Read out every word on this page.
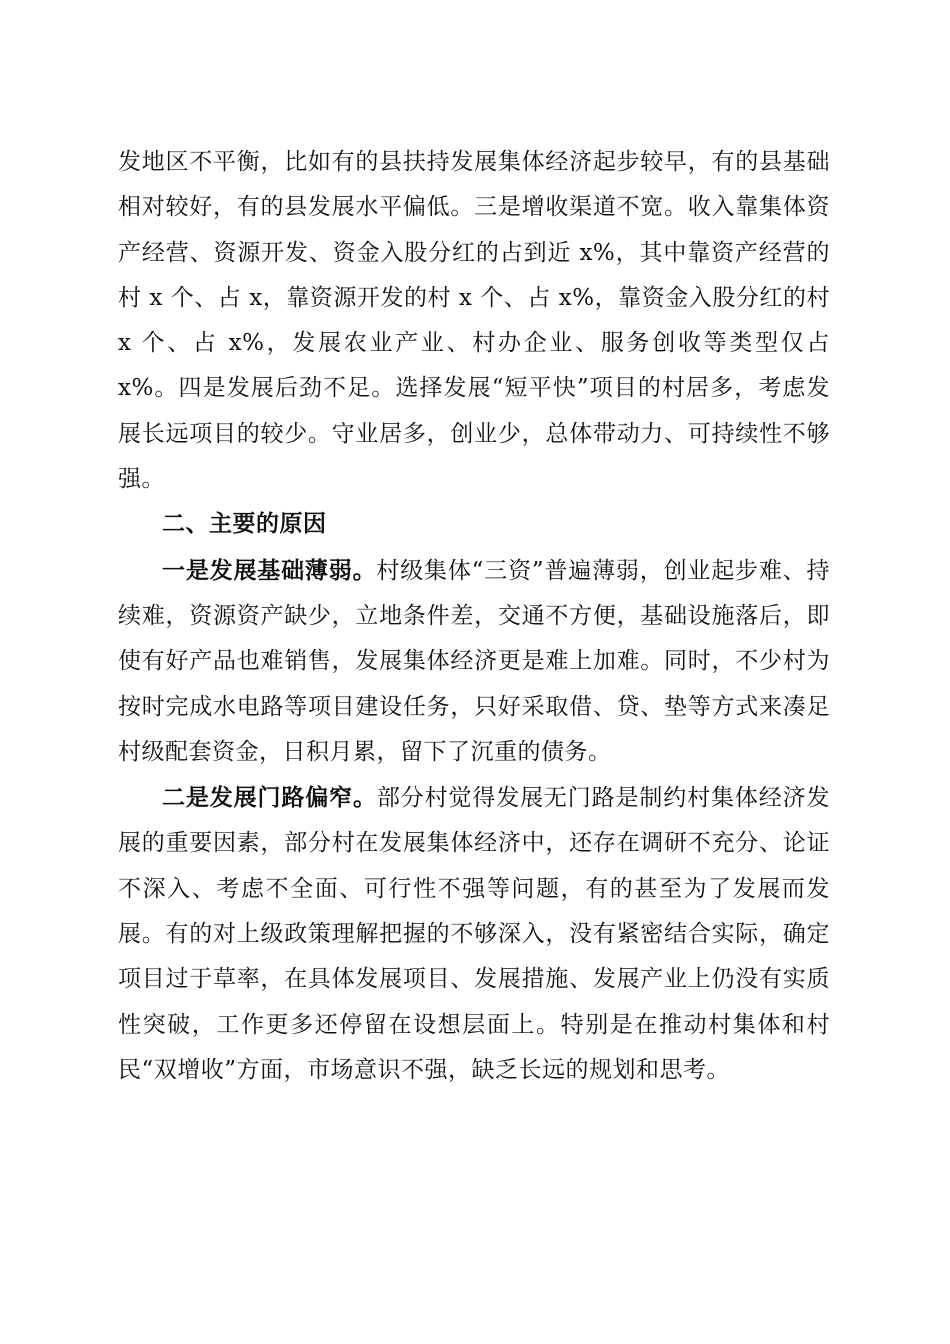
发地区不平衡，比如有的县扶持发展集体经济起步较早，有的县基础相对较好，有的县发展水平偏低。三是增收渠道不宽。收入靠集体资产经营、资源开发、资金入股分红的占到近 x%，其中靠资产经营的村 x 个、占 x，靠资源开发的村 x 个、占 x%，靠资金入股分红的村 x 个、占 x%，发展农业产业、村办企业、服务创收等类型仅占 x%。四是发展后劲不足。选择发展“短平快”项目的村居多，考虑发展长远项目的较少。守业居多，创业少，总体带动力、可持续性不够强。

二、主要的原因

一是发展基础薄弱。村级集体“三资”普遍薄弱，创业起步难、持续难，资源资产缺少，立地条件差，交通不方便，基础设施落后，即使有好产品也难销售，发展集体经济更是难上加难。同时，不少村为按时完成水电路等项目建设任务，只好采取借、贷、垫等方式来凑足村级配套资金，日积月累，留下了沉重的债务。

二是发展门路偏窄。部分村觉得发展无门路是制约村集体经济发展的重要因素，部分村在发展集体经济中，还存在调研不充分、论证不深入、考虑不全面、可行性不强等问题，有的甚至为了发展而发展。有的对上级政策理解把握的不够深入，没有紧密结合实际，确定项目过于草率，在具体发展项目、发展措施、发展产业上仍没有实质性突破，工作更多还停留在设想层面上。特别是在推动村集体和村民“双增收”方面，市场意识不强，缺乏长远的规划和思考。
